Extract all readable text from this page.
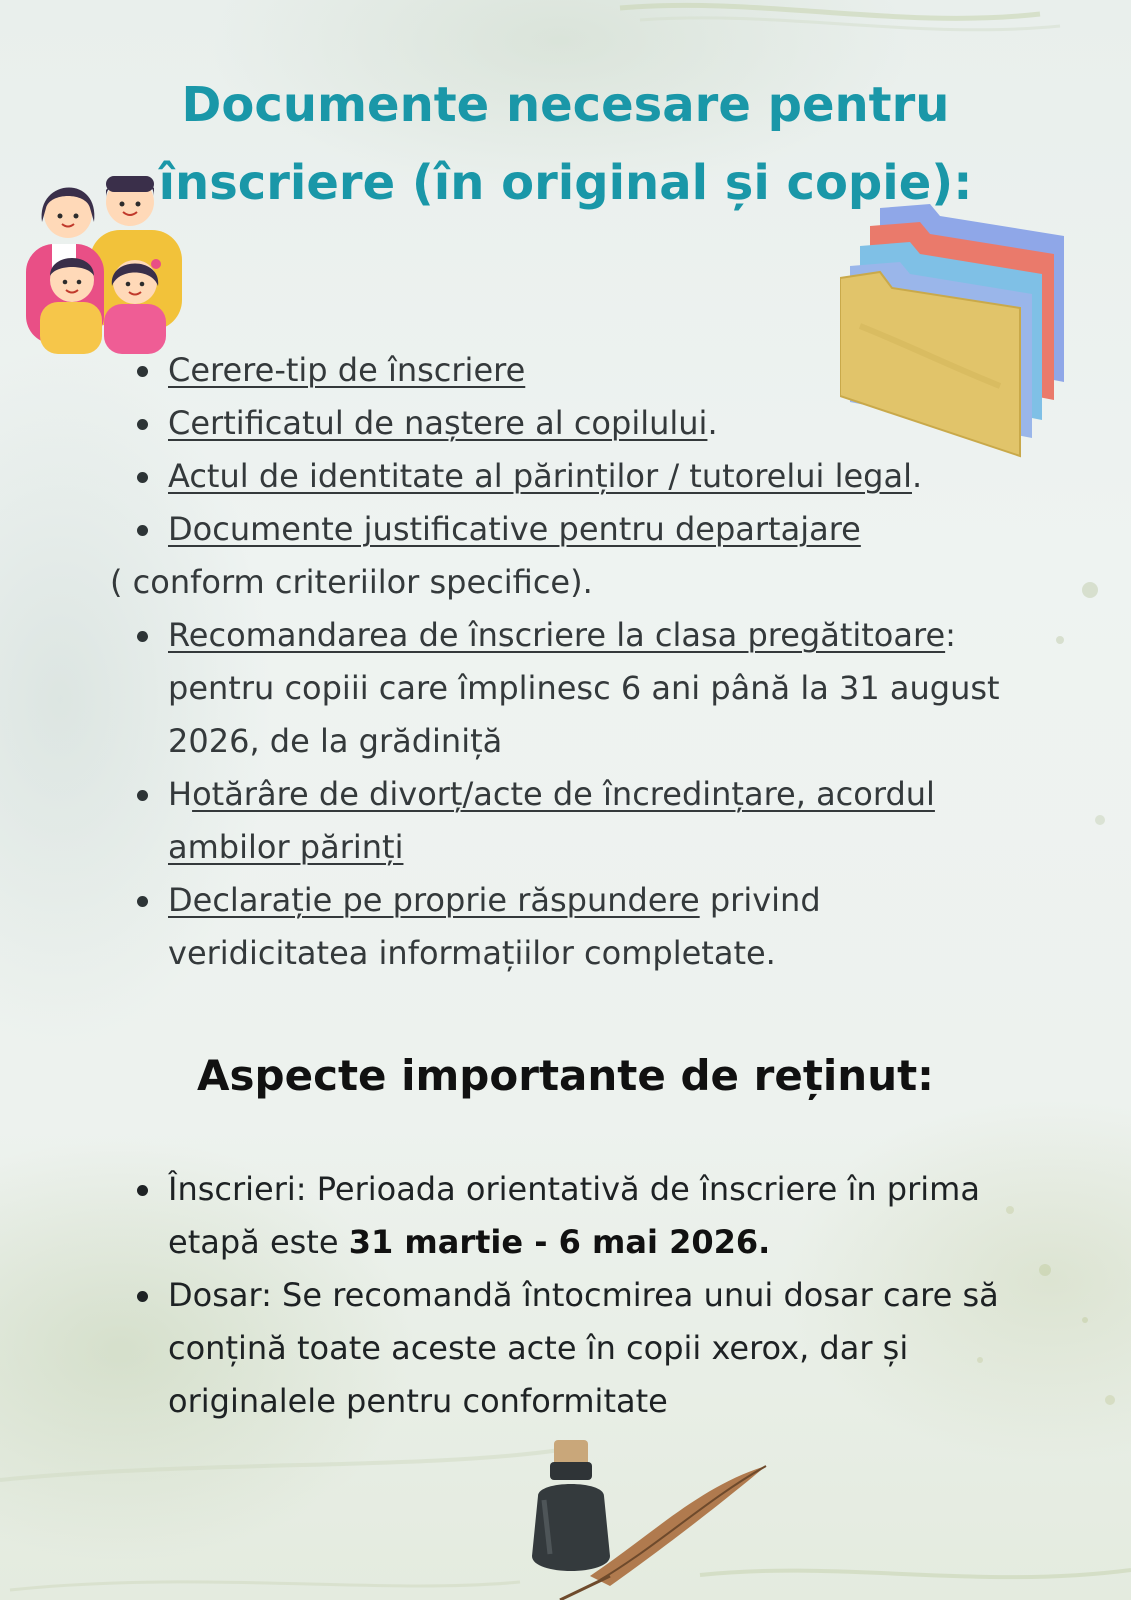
Documente necesare pentru
înscriere (în original și copie):
Cerere-tip de înscriere
Certificatul de naștere al copilului.
Actul de identitate al părinților / tutorelui legal.
Documente justificative pentru departajare
( conform criteriilor specifice).
Recomandarea de înscriere la clasa pregătitoare: pentru copiii care împlinesc 6 ani până la 31 august 2026, de la grădiniță
Hotărâre de divorț/acte de încredințare, acordul ambilor părinți
Declarație pe proprie răspundere privind veridicitatea informațiilor completate.
Aspecte importante de reținut:
Înscrieri: Perioada orientativă de înscriere în prima etapă este 31 martie - 6 mai 2026.
Dosar: Se recomandă întocmirea unui dosar care să conțină toate aceste acte în copii xerox, dar și originalele pentru conformitate
